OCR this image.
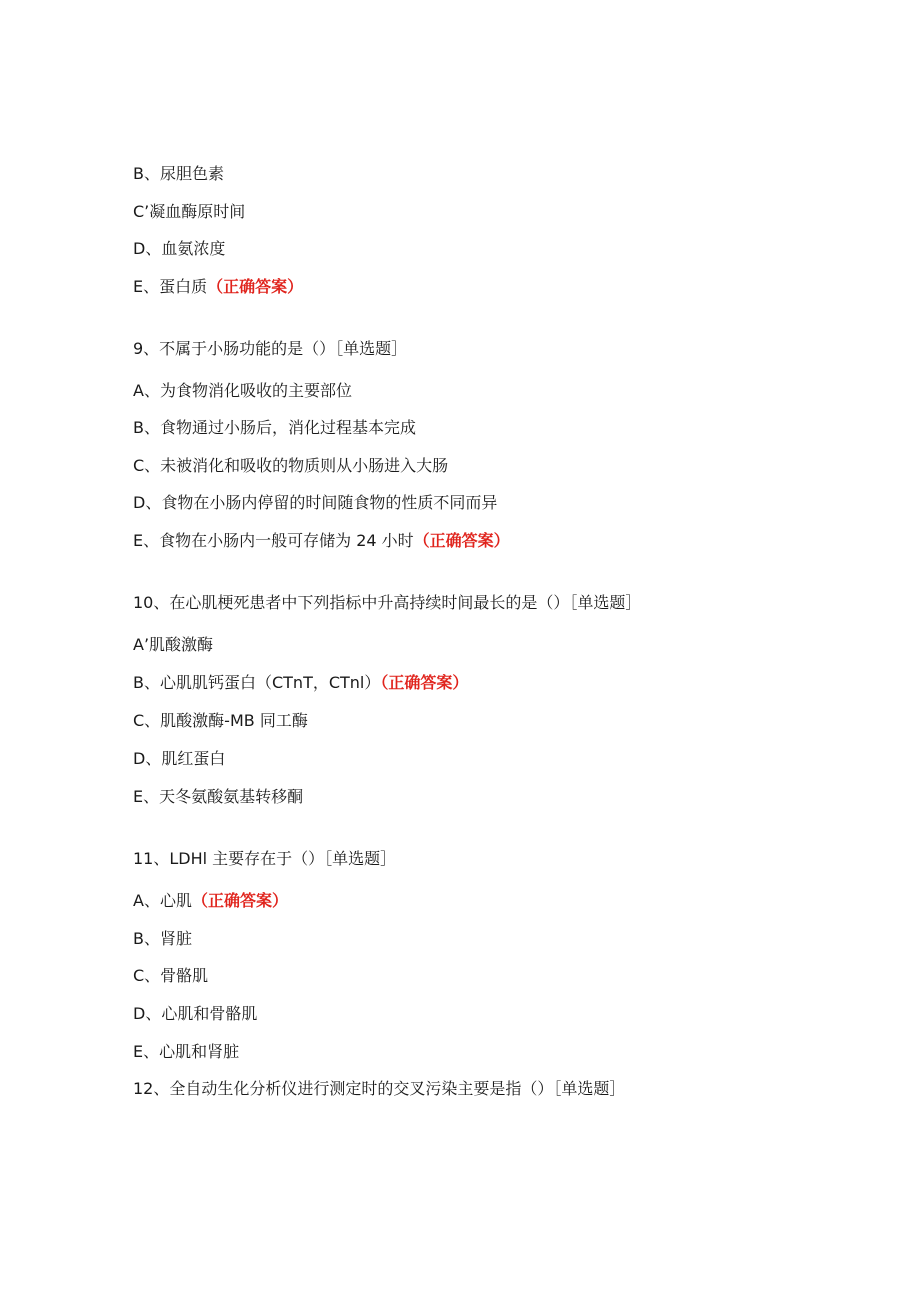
B、尿胆色素
C’凝血酶原时间
D、血氨浓度
E、蛋白质（正确答案）
9、不属于小肠功能的是（）［单选题］
A、为食物消化吸收的主要部位
B、食物通过小肠后，消化过程基本完成
C、未被消化和吸收的物质则从小肠进入大肠
D、食物在小肠内停留的时间随食物的性质不同而异
E、食物在小肠内一般可存储为 24 小时（正确答案）
10、在心肌梗死患者中下列指标中升高持续时间最长的是（）［单选题］
A’肌酸激酶
B、心肌肌钙蛋白（CTnT，CTnl）（正确答案）
C、肌酸激酶-MB 同工酶
D、肌红蛋白
E、天冬氨酸氨基转移酮
11、LDHl 主要存在于（）［单选题］
A、心肌（正确答案）
B、肾脏
C、骨骼肌
D、心肌和骨骼肌
E、心肌和肾脏
12、全自动生化分析仪进行测定时的交叉污染主要是指（）［单选题］
